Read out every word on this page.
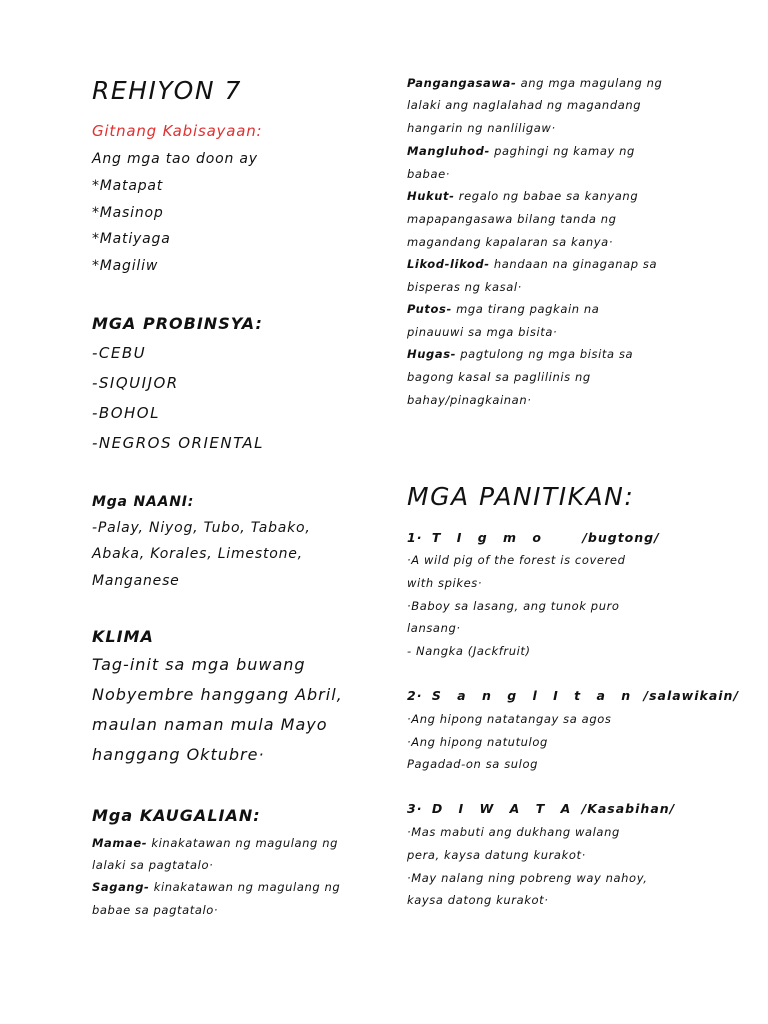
REHIYON 7
Gitnang Kabisayaan:
Ang mga tao doon ay
*Matapat
*Masinop
*Matiyaga
*Magiliw
MGA PROBINSYA:
-CEBU
-SIQUIJOR
-BOHOL
-NEGROS ORIENTAL
Mga NAANI:
-Palay, Niyog, Tubo, Tabako,
Abaka, Korales, Limestone,
Manganese
KLIMA
Tag-init sa mga buwang
Nobyembre hanggang Abril,
maulan naman mula Mayo
hanggang Oktubre·
Mga KAUGALIAN:
Mamae- kinakatawan ng magulang ng
lalaki sa pagtatalo·
Sagang- kinakatawan ng magulang ng
babae sa pagtatalo·
Pangangasawa- ang mga magulang ng
lalaki ang naglalahad ng magandang
hangarin ng nanliligaw·
Mangluhod- paghingi ng kamay ng
babae·
Hukut- regalo ng babae sa kanyang
mapapangasawa bilang tanda ng
magandang kapalaran sa kanya·
Likod-likod- handaan na ginaganap sa
bisperas ng kasal·
Putos- mga tirang pagkain na
pinauuwi sa mga bisita·
Hugas- pagtulong ng mga bisita sa
bagong kasal sa paglilinis ng
bahay/pinagkainan·
MGA PANITIKAN:
1· T I g m o	/bugtong/
·A wild pig of the forest is covered
with spikes·
·Baboy sa lasang, ang tunok puro
lansang·
- Nangka (Jackfruit)
2· S a n g l I t a n /salawikain/
·Ang hipong natatangay sa agos
·Ang hipong natutulog
Pagadad-on sa sulog
3· D I W A T A /Kasabihan/
·Mas mabuti ang dukhang walang
pera, kaysa datung kurakot·
·May nalang ning pobreng way nahoy,
kaysa datong kurakot·
